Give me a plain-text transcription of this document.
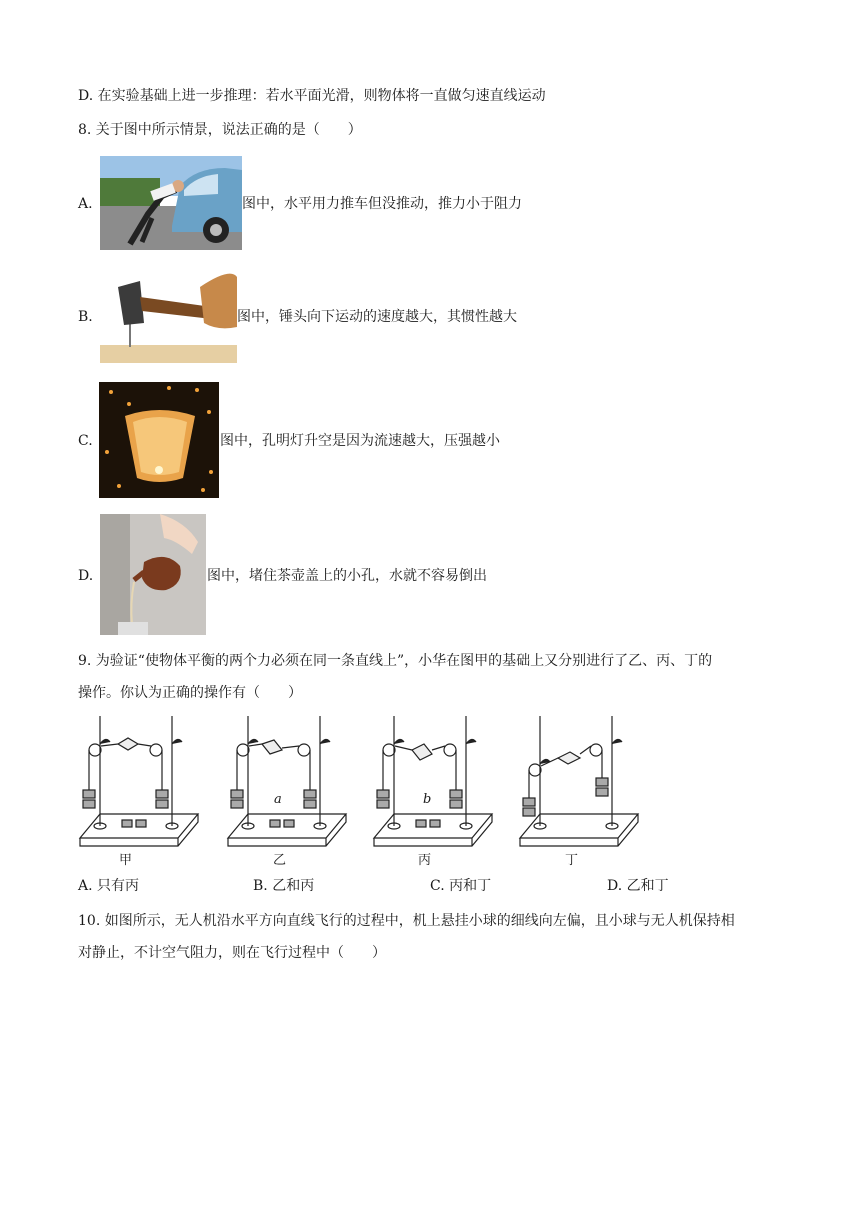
D. 在实验基础上进一步推理：若水平面光滑，则物体将一直做匀速直线运动
8. 关于图中所示情景，说法正确的是（　　）
A.	图中，水平用力推车但没推动，推力小于阻力
B.	图中，锤头向下运动的速度越大，其惯性越大
C.	图中，孔明灯升空是因为流速越大，压强越小
D.	图中，堵住茶壶盖上的小孔，水就不容易倒出
9. 为验证“使物体平衡的两个力必须在同一条直线上”，小华在图甲的基础上又分别进行了乙、丙、丁的
操作。你认为正确的操作有（　　）
甲
a
乙
b
丙	丁
A. 只有丙	B. 乙和丙	C. 丙和丁	D. 乙和丁
10. 如图所示，无人机沿水平方向直线飞行的过程中，机上悬挂小球的细线向左偏，且小球与无人机保持相
对静止，不计空气阻力，则在飞行过程中（　　）
